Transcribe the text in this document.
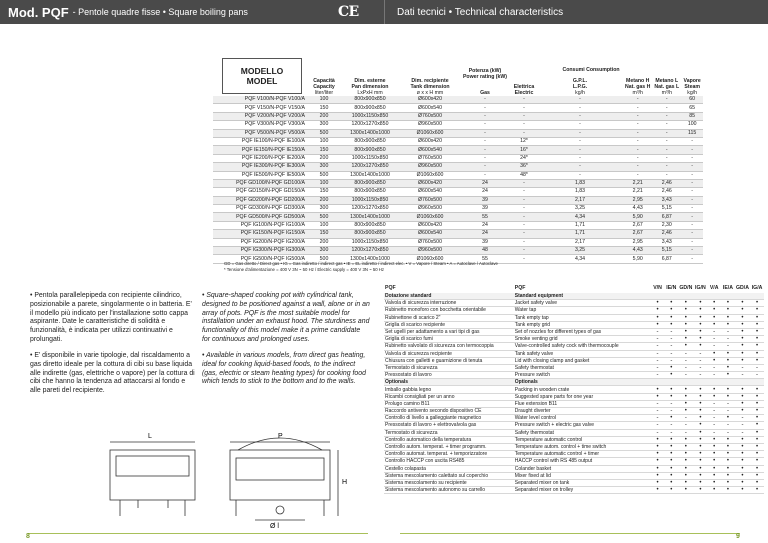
Mod. PQF - Pentole quadre fisse • Square boiling pans	C E	Dati tecnici • Technical characteristics
	Capacità
Capacity
liter/liter	Dim. esterne
Pan dimension
LxPxH mm	Dim. recipiente
Tank dimension
ø x x H mm	Potenza (kW) Power rating (kW)
Gas	Elettrica
Electric	Consumi Consumption
G.P.L.
L.P.G.
kg/h	Metano H
Nat. gas H
m³/h	Metano L
Nat. gas L
m³/h	Vapore
Steam
kg/h
PQF V100/N-PQF V100/A	100	800x900x850	Ø600x420	-	-	-	-	-	60
PQF V150/N-PQF V150/A	150	800x900x850	Ø600x540	-	-	-	-	-	65
PQF V200/N-PQF V200/A	200	1000x1150x850	Ø760x500	-	-	-	-	-	85
PQF V300/N-PQF V300/A	300	1200x1270x850	Ø960x500	-	-	-	-	-	100
PQF V500/N-PQF V500/A	500	1300x1400x1000	Ø1060x600	-	-	-	-	-	115
PQF IE100/N-PQF IE100/A	100	800x900x850	Ø600x420	-	12*	-	-	-	-
PQF IE150/N-PQF IE150/A	150	800x900x850	Ø600x540	-	16*	-	-	-	-
PQF IE200/N-PQF IE200/A	200	1000x1150x850	Ø760x500	-	24*	-	-	-	-
PQF IE300/N-PQF IE300/A	300	1200x1270x850	Ø960x500	-	36*	-	-	-	-
PQF IE500/N-PQF IE500/A	500	1300x1400x1000	Ø1060x600	-	48*	-	-	-	-
PQF GD100/N-PQF GD100/A	100	800x900x850	Ø600x420	24	-	1,83	2,21	2,46	-
PQF GD150/N-PQF GD150/A	150	800x900x850	Ø600x540	24	-	1,83	2,21	2,46	-
PQF GD200/N-PQF GD200/A	200	1000x1150x850	Ø760x500	39	-	2,17	2,95	3,43	-
PQF GD300/N-PQF GD300/A	300	1200x1270x850	Ø960x500	39	-	3,25	4,43	5,15	-
PQF GD500/N-PQF GD500/A	500	1300x1400x1000	Ø1060x600	55	-	4,34	5,90	6,87	-
PQF IG100/N-PQF IG100/A	100	800x900x850	Ø600x420	24	-	1,71	2,67	2,30	-
PQF IG150/N-PQF IG150/A	150	800x900x850	Ø600x540	24	-	1,71	2,67	2,46	-
PQF IG200/N-PQF IG200/A	200	1000x1150x850	Ø760x500	39	-	2,17	2,95	3,43	-
PQF IG300/N-PQF IG300/A	300	1200x1270x850	Ø960x500	48	-	3,25	4,43	5,15	-
PQF IG500/N-PQF IG500/A	500	1300x1400x1000	Ø1060x600	55	-	4,34	5,90	6,87	-
MODELLO
MODEL
GD = Gas diretto / Direct gas • IG = Gas indiretto / indirect gas • IE = EL indiretto / indirect elec. • V = Vapore / Steam • A = Autoclave / Autoclave
* Tensione d'alimentazione = 400 V 3N ~ 50 Hz / Electric supply = 400 V 3N ~ 50 Hz
• Pentola parallelepipeda con recipiente cilindrico, posizionabile a parete, singolarmente o in batteria. E' il modello più indicato per l'installazione sotto cappa aspirante. Date le caratteristiche di solidità e funzionalità, è indicata per utilizzi continuativi e prolungati.
• Square-shaped cooking pot with cylindrical tank, designed to be positioned against a wall, alone or in an array of pots. PQF is the most suitable model for installation under an exhaust hood. The sturdiness and functionality of this model make it a prime candidate for continuous and prolonged uses.
• E' disponibile in varie tipologie, dal riscaldamento a gas diretto ideale per la cottura di cibi su base liquida alle indirette (gas, elettriche o vapore) per la cottura di cibi che hanno la tendenza ad attaccarsi al fondo e alle pareti del recipiente.
• Available in various models, from direct gas heating, ideal for cooking liquid-based foods, to the indirect (gas, electric or steam heating types) for cooking food which tends to stick to the bottom and to the walls.
L	P
H
Ø l
PQF	PQF	V/N	IE/N	GD/N	IG/N	V/A	IE/A	GD/A	IG/A
Dotazione standard	Standard equipment								
Valvola di sicurezza interruzione	Jacket safety valve	•	•	•	•	•	•	•	•
Rubinetto monoforo con bocchetta orientabile	Water tap	•	•	•	•	•	•	•	•
Rubinettone di scarico 2"	Tank empty tap	•	•	•	•	•	•	•	•
Griglia di scarico recipiente	Tank empty grid	•	•	•	•	•	•	•	•
Set ugelli per adattamento a vari tipi di gas	Set of nozzles for different types of gas	-	-	•	•	-	-	•	•
Griglia di scarico fumi	Smoke venting grid	-	-	•	•	-	-	•	•
Rubinetto valvolato di sicurezza con termocoppia	Valve-controlled safety cock with thermocouple	-	-	•	•	-	-	•	•
Valvola di sicurezza recipiente	Tank safety valve	-	-	-	-	•	•	•	•
Chiusura con galletti e guarnizione di tenuta	Lid with closing clamp and gasket	-	-	-	-	•	•	•	•
Termostato di sicurezza	Safety thermostat	-	•	-	-	-	•	-	-
Pressostato di lavoro	Pressure switch	-	•	-	-	-	•	-	-
Optionals	Optionals								
Imballo gabbia legno	Packing in wooden crate	•	•	•	•	•	•	•	•
Ricambi consigliati per un anno	Suggested spare parts for one year	•	•	•	•	•	•	•	•
Prolugo camino B11	Flue extension B11	-	-	•	•	-	-	•	•
Raccordo antivento secondo dispositivo CE	Draught diverter	-	-	•	•	-	-	•	•
Controllo di livello a galleggiante magnetico	Water level control	-	•	-	•	-	•	-	•
Pressostato di lavoro + elettrovalvola gas	Pressure switch + electric gas valve	-	-	-	•	-	-	-	•
Termostato di sicurezza	Safety thermostat	-	-	-	•	-	-	-	•
Controllo automatico della temperatura	Temperature automatic control	•	•	•	•	•	•	•	•
Controllo autom. temperat. + timer programm.	Temperature autom. control + time switch	•	•	•	•	•	•	•	•
Controllo automat. temperat. + temporizzatore	Temperature automatic control + timer	•	•	•	•	•	•	•	•
Controllo HACCP con uscita RS485	HACCP control with RS 485 output	•	•	•	•	•	•	•	•
Cestello colapasta	Colander basket	•	•	•	•	•	•	•	•
Sistema mescolamento calettato sul coperchio	Mixer fixed at lid	•	•	•	•	•	•	•	•
Sistema mescolamento su recipiente	Separated mixer on tank	•	•	•	•	•	•	•	•
Sistema mescolamento autonomo su carrello	Separated mixer on trolley	•	•	•	•	•	•	•	•
8	9
